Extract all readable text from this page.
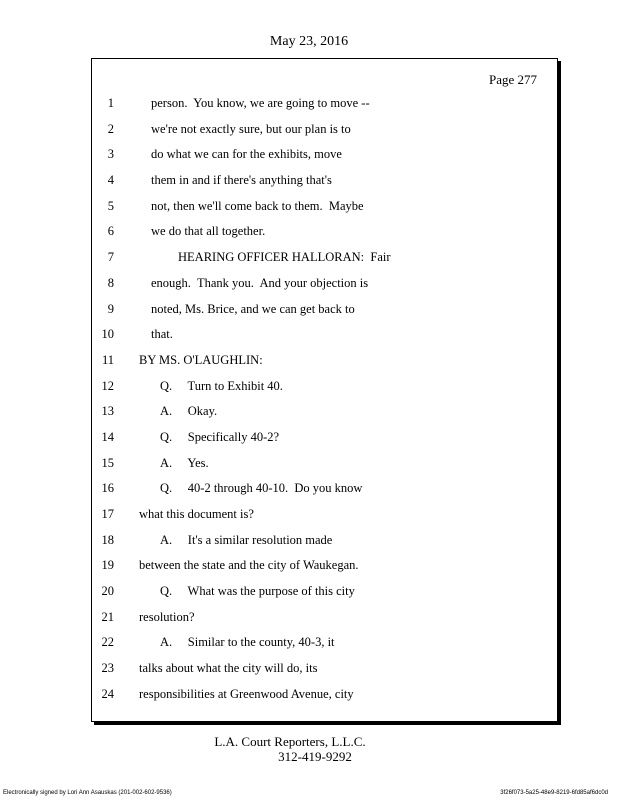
May 23, 2016
Page 277
1	person.  You know, we are going to move --
2	we're not exactly sure, but our plan is to
3	do what we can for the exhibits, move
4	them in and if there's anything that's
5	not, then we'll come back to them.  Maybe
6	we do that all together.
7	HEARING OFFICER HALLORAN:  Fair
8	enough.  Thank you.  And your objection is
9	noted, Ms. Brice, and we can get back to
10	that.
11 BY MS. O'LAUGHLIN:
12	Q.     Turn to Exhibit 40.
13	A.     Okay.
14	Q.     Specifically 40-2?
15	A.     Yes.
16	Q.     40-2 through 40-10.  Do you know
17 what this document is?
18	A.     It's a similar resolution made
19 between the state and the city of Waukegan.
20	Q.     What was the purpose of this city
21 resolution?
22	A.     Similar to the county, 40-3, it
23 talks about what the city will do, its
24 responsibilities at Greenwood Avenue, city
L.A. Court Reporters, L.L.C.
312-419-9292
Electronically signed by Lori Ann Asauskas (201-002-602-9536)	3f26f073-5a25-48e9-8219-6fd85af6dc0d
